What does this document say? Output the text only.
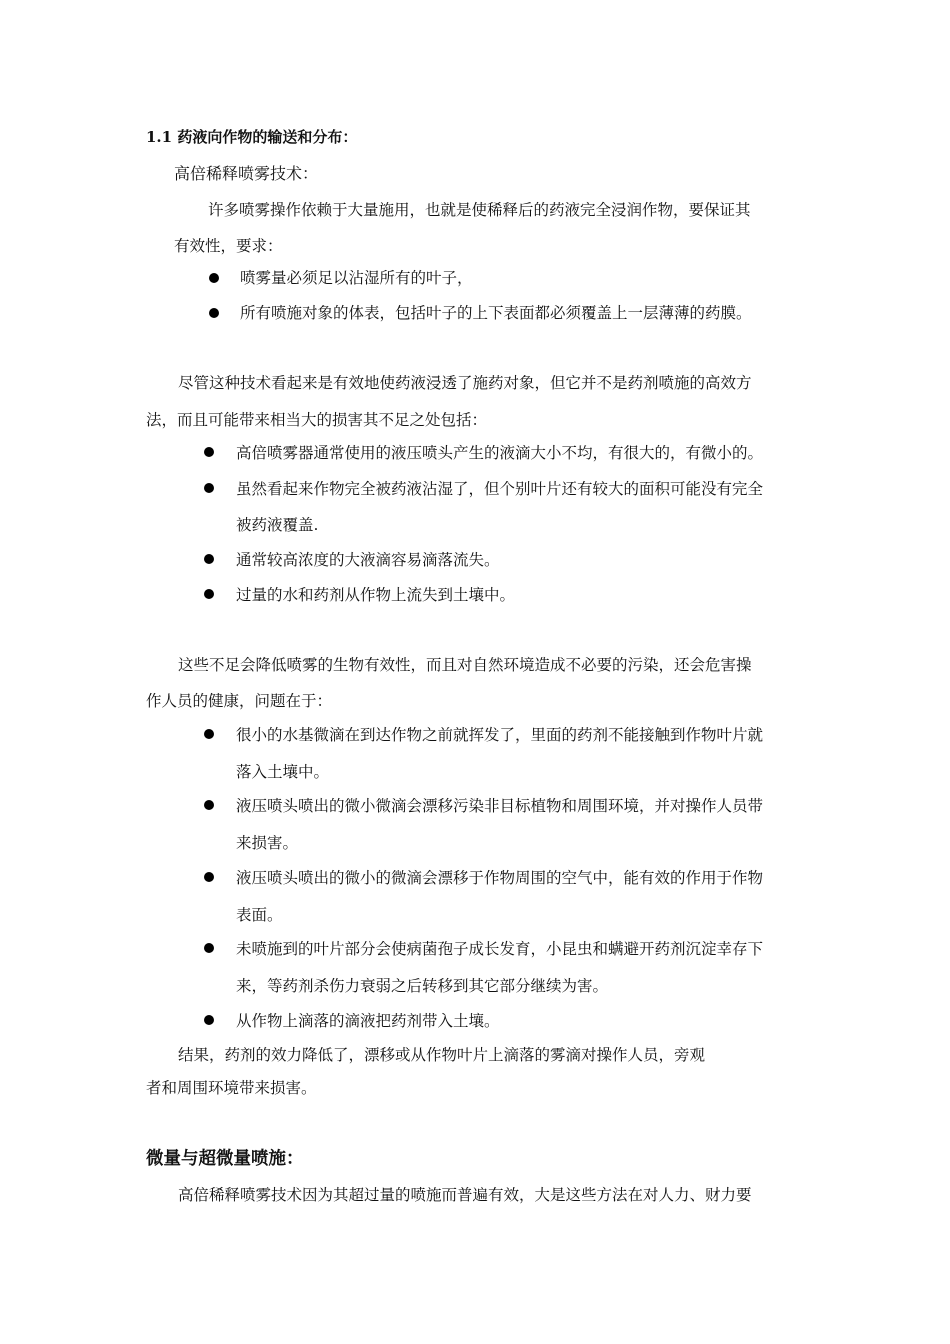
1.1 药液向作物的输送和分布：
高倍稀释喷雾技术：
许多喷雾操作依赖于大量施用，也就是使稀释后的药液完全浸润作物，要保证其
有效性，要求：
喷雾量必须足以沾湿所有的叶子，
所有喷施对象的体表，包括叶子的上下表面都必须覆盖上一层薄薄的药膜。
尽管这种技术看起来是有效地使药液浸透了施药对象，但它并不是药剂喷施的高效方
法，而且可能带来相当大的损害其不足之处包括：
高倍喷雾器通常使用的液压喷头产生的液滴大小不均，有很大的，有微小的。
虽然看起来作物完全被药液沾湿了，但个别叶片还有较大的面积可能没有完全
被药液覆盖.
通常较高浓度的大液滴容易滴落流失。
过量的水和药剂从作物上流失到土壤中。
这些不足会降低喷雾的生物有效性，而且对自然环境造成不必要的污染，还会危害操
作人员的健康，问题在于：
很小的水基微滴在到达作物之前就挥发了，里面的药剂不能接触到作物叶片就
落入土壤中。
液压喷头喷出的微小微滴会漂移污染非目标植物和周围环境，并对操作人员带
来损害。
液压喷头喷出的微小的微滴会漂移于作物周围的空气中，能有效的作用于作物
表面。
未喷施到的叶片部分会使病菌孢子成长发育，小昆虫和螨避开药剂沉淀幸存下
来，等药剂杀伤力衰弱之后转移到其它部分继续为害。
从作物上滴落的滴液把药剂带入土壤。
结果，药剂的效力降低了，漂移或从作物叶片上滴落的雾滴对操作人员，旁观
者和周围环境带来损害。
微量与超微量喷施：
高倍稀释喷雾技术因为其超过量的喷施而普遍有效，大是这些方法在对人力、财力要
